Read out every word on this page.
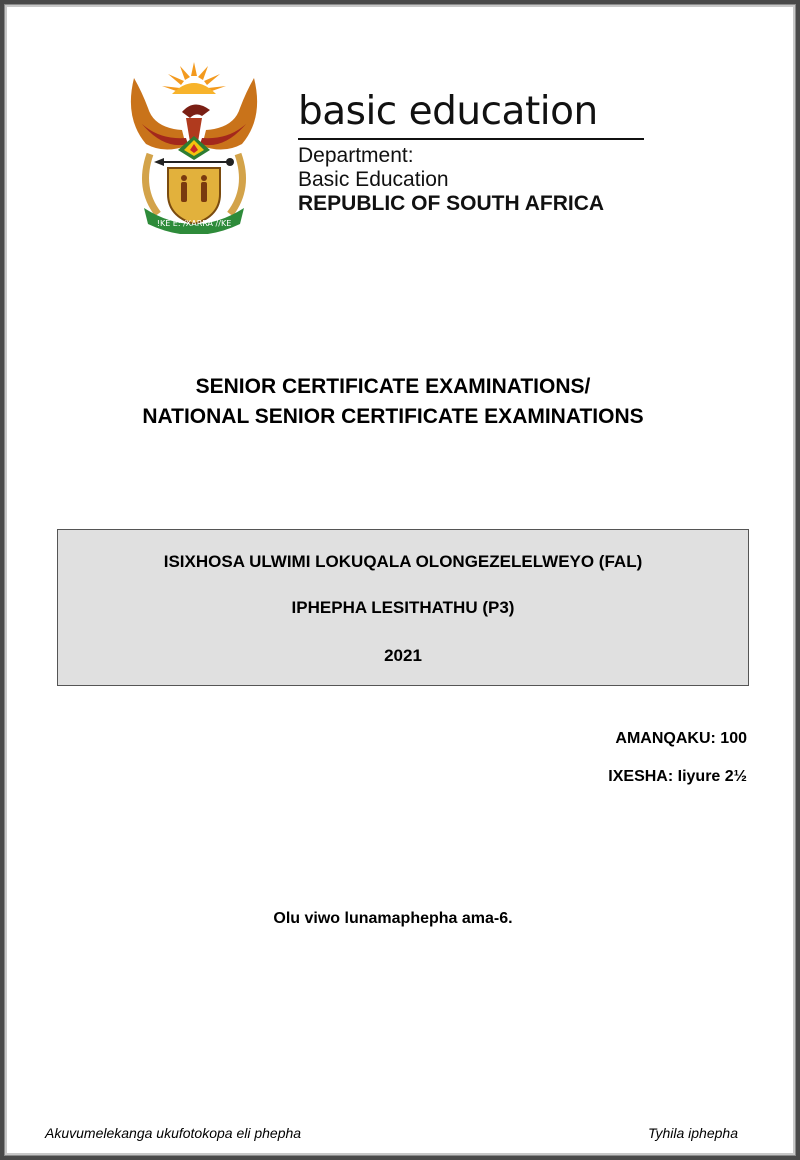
!KE E: /XARRA //KE
basic education
Department:
Basic Education
REPUBLIC OF SOUTH AFRICA
SENIOR CERTIFICATE EXAMINATIONS/
NATIONAL SENIOR CERTIFICATE EXAMINATIONS
ISIXHOSA ULWIMI LOKUQALA OLONGEZELELWEYO (FAL)
IPHEPHA LESITHATHU (P3)
2021
AMANQAKU: 100
IXESHA: Iiyure 2½
Olu viwo lunamaphepha ama-6.
Akuvumelekanga ukufotokopa eli phepha	Tyhila iphepha
